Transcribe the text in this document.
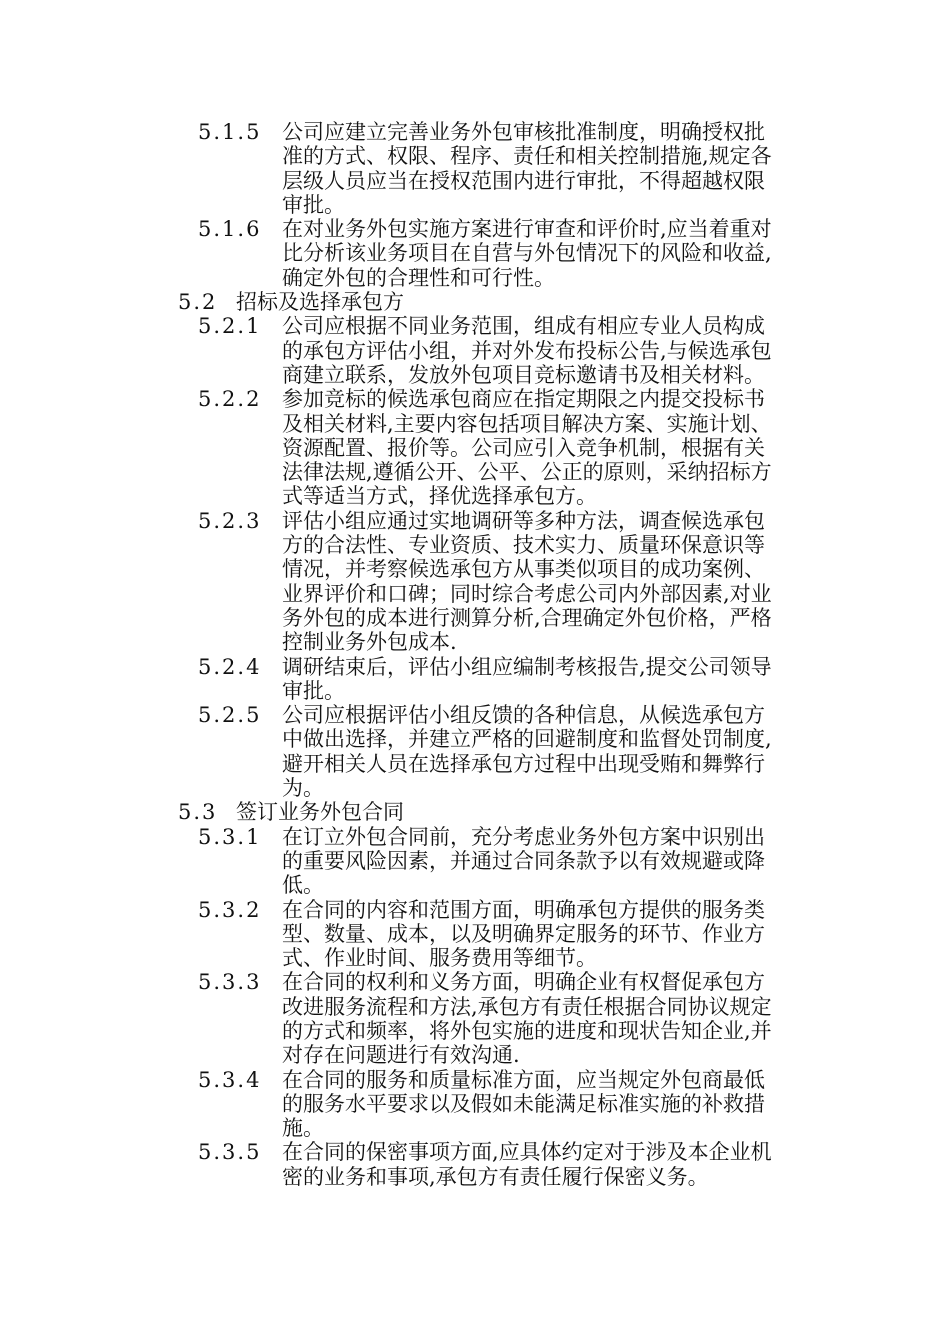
5.1.5 公司应建立完善业务外包审核批准制度，明确授权批
准的方式、权限、程序、责任和相关控制措施,规定各
层级人员应当在授权范围内进行审批，不得超越权限
审批。
5.1.6 在对业务外包实施方案进行审查和评价时,应当着重对
比分析该业务项目在自营与外包情况下的风险和收益,
确定外包的合理性和可行性。
5.2 招标及选择承包方
5.2.1 公司应根据不同业务范围，组成有相应专业人员构成
的承包方评估小组，并对外发布投标公告,与候选承包
商建立联系，发放外包项目竞标邀请书及相关材料。
5.2.2 参加竞标的候选承包商应在指定期限之内提交投标书
及相关材料,主要内容包括项目解决方案、实施计划、
资源配置、报价等。公司应引入竞争机制，根据有关
法律法规,遵循公开、公平、公正的原则，采纳招标方
式等适当方式，择优选择承包方。
5.2.3 评估小组应通过实地调研等多种方法，调查候选承包
方的合法性、专业资质、技术实力、质量环保意识等
情况，并考察候选承包方从事类似项目的成功案例、
业界评价和口碑；同时综合考虑公司内外部因素,对业
务外包的成本进行测算分析,合理确定外包价格，严格
控制业务外包成本.
5.2.4 调研结束后，评估小组应编制考核报告,提交公司领导
审批。
5.2.5 公司应根据评估小组反馈的各种信息，从候选承包方
中做出选择，并建立严格的回避制度和监督处罚制度,
避开相关人员在选择承包方过程中出现受贿和舞弊行
为。
5.3 签订业务外包合同
5.3.1 在订立外包合同前，充分考虑业务外包方案中识别出
的重要风险因素，并通过合同条款予以有效规避或降
低。
5.3.2 在合同的内容和范围方面，明确承包方提供的服务类
型、数量、成本，以及明确界定服务的环节、作业方
式、作业时间、服务费用等细节。
5.3.3 在合同的权利和义务方面，明确企业有权督促承包方
改进服务流程和方法,承包方有责任根据合同协议规定
的方式和频率，将外包实施的进度和现状告知企业,并
对存在问题进行有效沟通.
5.3.4 在合同的服务和质量标准方面，应当规定外包商最低
的服务水平要求以及假如未能满足标准实施的补救措
施。
5.3.5 在合同的保密事项方面,应具体约定对于涉及本企业机
密的业务和事项,承包方有责任履行保密义务。
